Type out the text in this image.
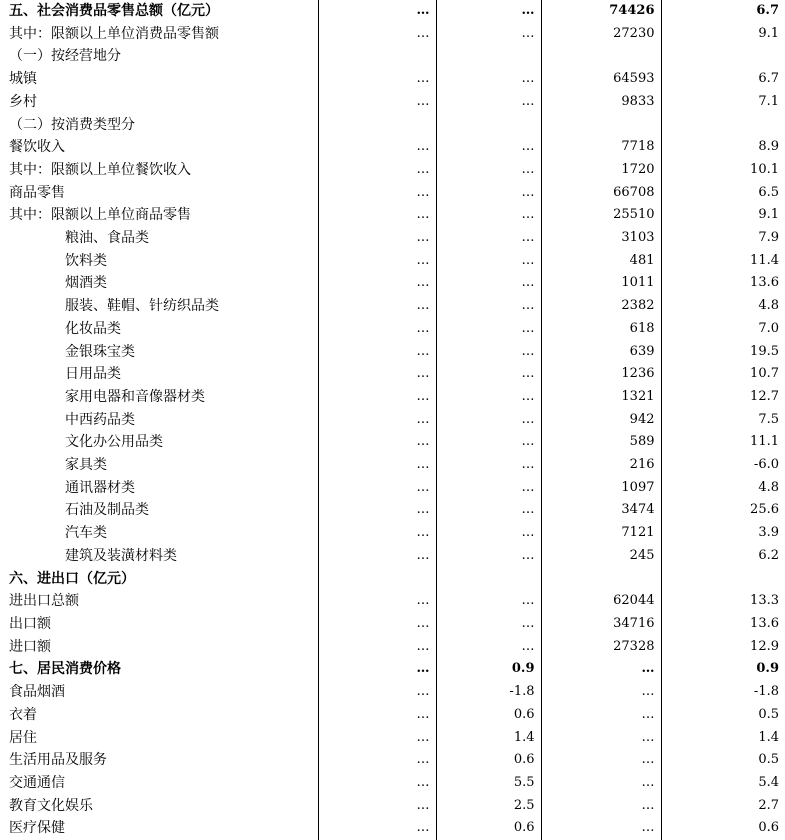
五、社会消费品零售总额（亿元）	…	…	74426	6.7
其中：限额以上单位消费品零售额	…	…	27230	9.1
（一）按经营地分				
城镇	…	…	64593	6.7
乡村	…	…	9833	7.1
（二）按消费类型分				
餐饮收入	…	…	7718	8.9
其中：限额以上单位餐饮收入	…	…	1720	10.1
商品零售	…	…	66708	6.5
其中：限额以上单位商品零售	…	…	25510	9.1
粮油、食品类	…	…	3103	7.9
饮料类	…	…	481	11.4
烟酒类	…	…	1011	13.6
服装、鞋帽、针纺织品类	…	…	2382	4.8
化妆品类	…	…	618	7.0
金银珠宝类	…	…	639	19.5
日用品类	…	…	1236	10.7
家用电器和音像器材类	…	…	1321	12.7
中西药品类	…	…	942	7.5
文化办公用品类	…	…	589	11.1
家具类	…	…	216	-6.0
通讯器材类	…	…	1097	4.8
石油及制品类	…	…	3474	25.6
汽车类	…	…	7121	3.9
建筑及装潢材料类	…	…	245	6.2
六、进出口（亿元）				
进出口总额	…	…	62044	13.3
出口额	…	…	34716	13.6
进口额	…	…	27328	12.9
七、居民消费价格	…	0.9	…	0.9
食品烟酒	…	-1.8	…	-1.8
衣着	…	0.6	…	0.5
居住	…	1.4	…	1.4
生活用品及服务	…	0.6	…	0.5
交通通信	…	5.5	…	5.4
教育文化娱乐	…	2.5	…	2.7
医疗保健	…	0.6	…	0.6
